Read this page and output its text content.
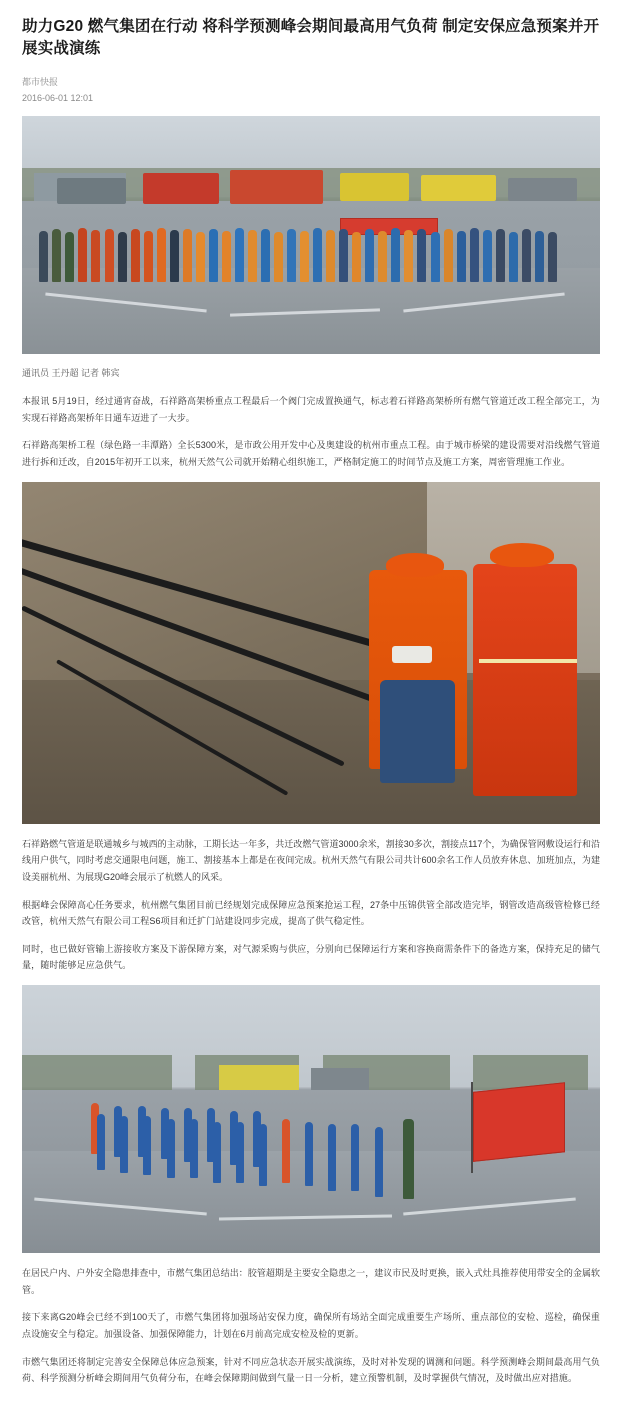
助力G20 燃气集团在行动 将科学预测峰会期间最高用气负荷 制定安保应急预案并开展实战演练
都市快报
2016-06-01 12:01
通讯员 王丹超 记者 韩宾

本报讯 5月19日，经过通宵奋战，石祥路高架桥重点工程最后一个阀门完成置换通气，标志着石祥路高架桥所有燃气管道迁改工程全部完工，为实现石祥路高架桥年日通车迈进了一大步。

石祥路高架桥工程（绿色路一丰潭路）全长5300米，是市政公用开发中心及奥建设的杭州市重点工程。由于城市桥梁的建设需要对沿线燃气管道进行拆和迁改，自2015年初开工以来，杭州天然气公司就开始精心组织施工，严格制定施工的时间节点及施工方案，周密管理施工作业。

石祥路燃气管道是联通城乡与城西的主动脉，工期长达一年多，共迁改燃气管道3000余米，割接30多次，割接点117个，为确保管网敷设运行和沿线用户供气，同时考虑交通限电问题，施工、割接基本上都是在夜间完成。杭州天然气有限公司共计600余名工作人员放弃休息、加班加点，为建设美丽杭州、为展现G20峰会展示了杭燃人的风采。

根据峰会保障高心任务要求，杭州燃气集团目前已经规划完成保障应急预案抢运工程，27条中压锦供管全部改造完毕，钢管改造高级管检修已经改管，杭州天然气有限公司工程S6项目和迁扩门站建设同步完成，提高了供气稳定性。

同时，也已做好管输上游接收方案及下游保障方案，对气源采购与供应，分别向已保障运行方案和容换商需条件下的备选方案，保持充足的储气量，随时能够足应急供气。

在居民户内、户外安全隐患排查中，市燃气集团总结出：胶管超期是主要安全隐患之一，建议市民及时更换，嵌入式灶具推荐使用带安全的金属软管。

接下来离G20峰会已经不到100天了，市燃气集团将加强场站安保力度，确保所有场站全面完成重要生产场所、重点部位的安检、巡检，确保重点设施安全与稳定。加强设备、加强保障能力，计划在6月前高完成安检及检的更新。

市燃气集团还将制定完善安全保障总体应急预案，针对不同应急状态开展实战演练，及时对补发现的调测和问题。科学预测峰会期间最高用气负荷、科学预测分析峰会期间用气负荷分布，在峰会保障期间做到气量一日一分析，建立预警机制，及时掌握供气情况，及时做出应对措施。
